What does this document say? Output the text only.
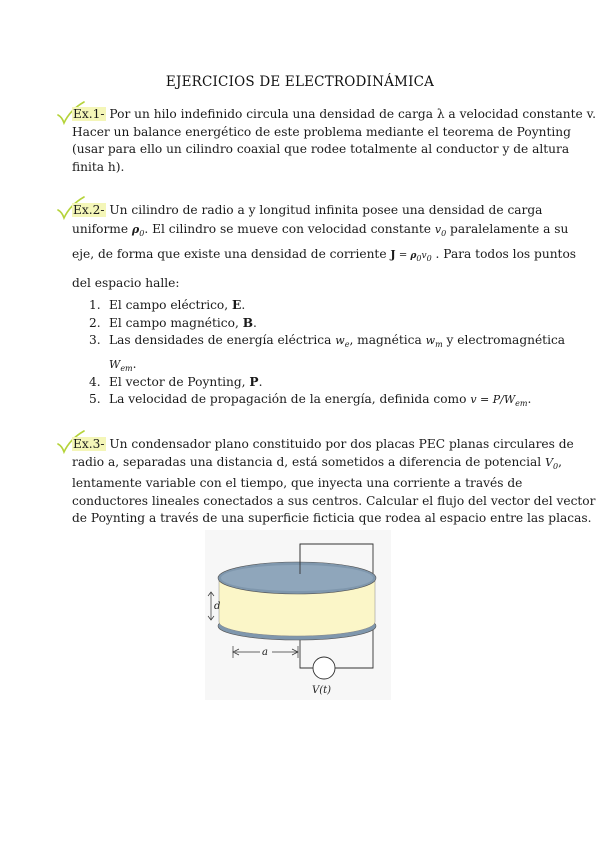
EJERCICIOS DE ELECTRODINÁMICA
Ex.1- Por un hilo indefinido circula una densidad de carga λ a velocidad constante v.
Hacer un balance energético de este problema mediante el teorema de Poynting
(usar para ello un cilindro coaxial que rodee totalmente al conductor y de altura
finita h).
Ex.2- Un cilindro de radio a y longitud infinita posee una densidad de carga
uniforme $\rho_0$. El cilindro se mueve con velocidad constante $v_0$ paralelamente a su
eje, de forma que existe una densidad de corriente $J = \rho_0v_0$ . Para todos los puntos
del espacio halle:
1. El campo eléctrico, E.
2. El campo magnético, B.
3. Las densidades de energía eléctrica $w_e$, magnética $w_m$ y electromagnética
$W_{em}$.
4. El vector de Poynting, P.
5. La velocidad de propagación de la energía, definida como $v = P/W_{em}$.
Ex.3- Un condensador plano constituido por dos placas PEC planas circulares de
radio a, separadas una distancia d, está sometidos a diferencia de potencial $V_0$,
lentamente variable con el tiempo, que inyecta una corriente a través de
conductores lineales conectados a sus centros. Calcular el flujo del vector del vector
de Poynting a través de una superficie ficticia que rodea al espacio entre las placas.
d
a
V(t)
